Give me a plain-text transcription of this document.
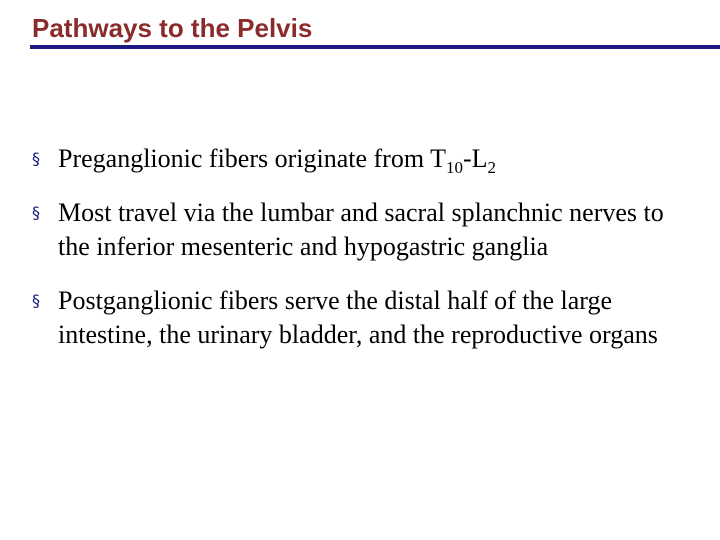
Pathways to the Pelvis
§ Preganglionic fibers originate from $T_{10}-L_2$
§ Most travel via the lumbar and sacral splanchnic nerves to the inferior mesenteric and hypogastric ganglia
§ Postganglionic fibers serve the distal half of the large intestine, the urinary bladder, and the reproductive organs
